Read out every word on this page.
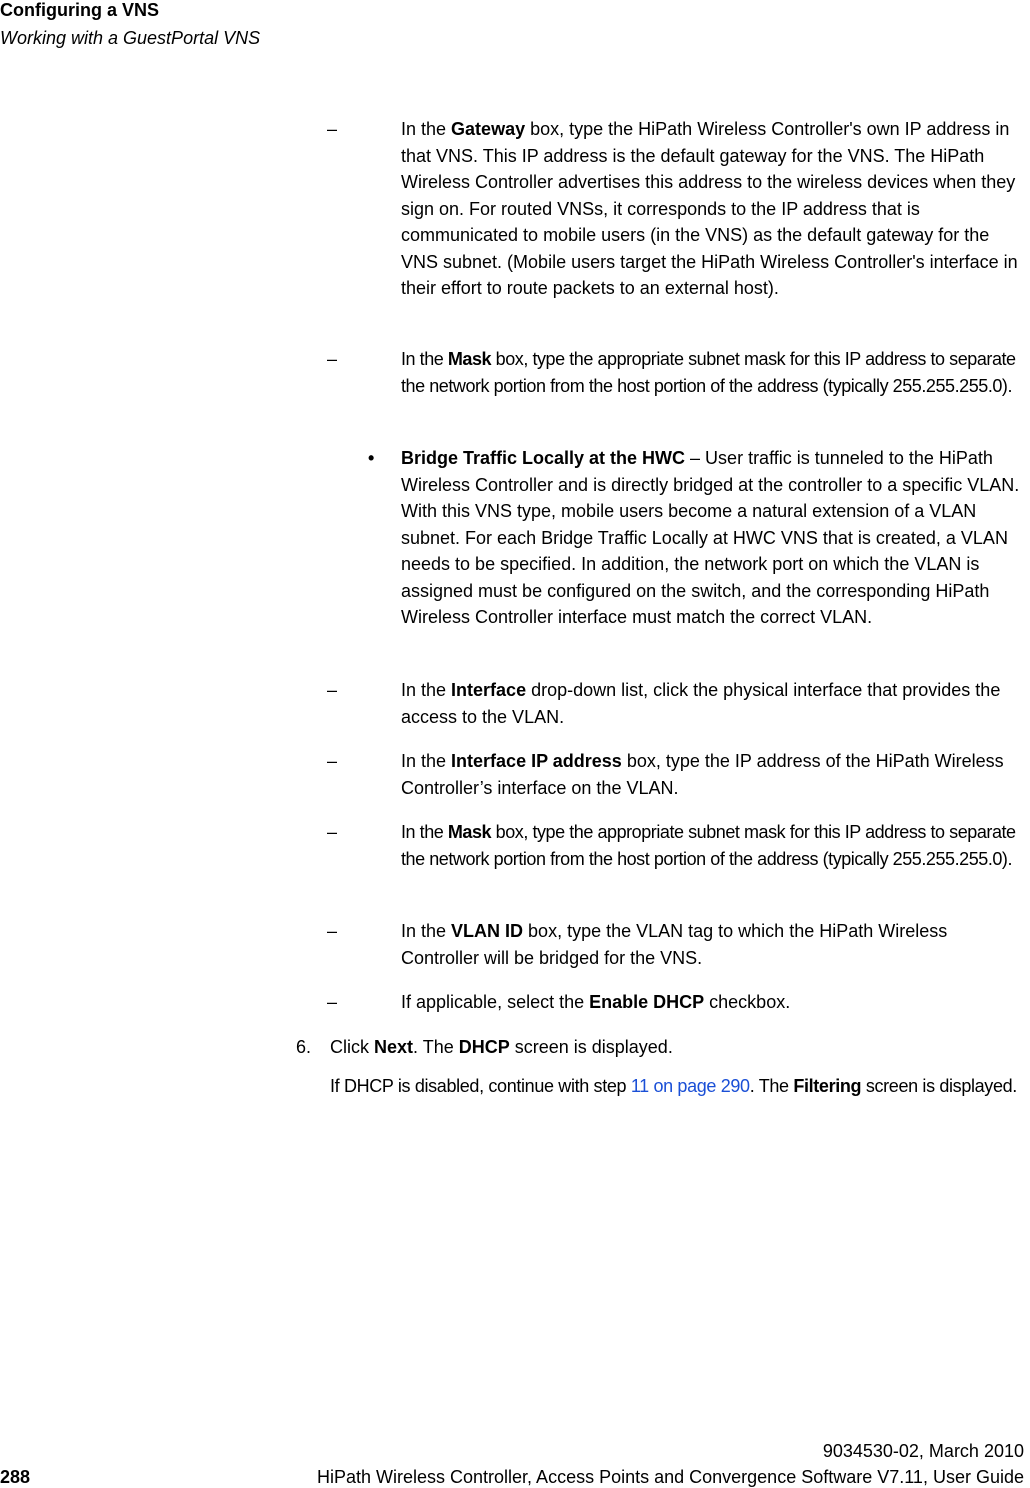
Configuring a VNS
Working with a GuestPortal VNS
–	In the Gateway box, type the HiPath Wireless Controller's own IP address in that VNS. This IP address is the default gateway for the VNS. The HiPath Wireless Controller advertises this address to the wireless devices when they sign on. For routed VNSs, it corresponds to the IP address that is communicated to mobile users (in the VNS) as the default gateway for the VNS subnet. (Mobile users target the HiPath Wireless Controller's interface in their effort to route packets to an external host).
–	In the Mask box, type the appropriate subnet mask for this IP address to separate the network portion from the host portion of the address (typically 255.255.255.0).
• Bridge Traffic Locally at the HWC – User traffic is tunneled to the HiPath Wireless Controller and is directly bridged at the controller to a specific VLAN. With this VNS type, mobile users become a natural extension of a VLAN subnet. For each Bridge Traffic Locally at HWC VNS that is created, a VLAN needs to be specified. In addition, the network port on which the VLAN is assigned must be configured on the switch, and the corresponding HiPath Wireless Controller interface must match the correct VLAN.
–	In the Interface drop-down list, click the physical interface that provides the access to the VLAN.
–	In the Interface IP address box, type the IP address of the HiPath Wireless Controller’s interface on the VLAN.
–	In the Mask box, type the appropriate subnet mask for this IP address to separate the network portion from the host portion of the address (typically 255.255.255.0).
–	In the VLAN ID box, type the VLAN tag to which the HiPath Wireless Controller will be bridged for the VNS.
–	If applicable, select the Enable DHCP checkbox.
6. Click Next. The DHCP screen is displayed.
If DHCP is disabled, continue with step 11 on page 290. The Filtering screen is displayed.
9034530-02, March 2010
288	HiPath Wireless Controller, Access Points and Convergence Software V7.11, User Guide
